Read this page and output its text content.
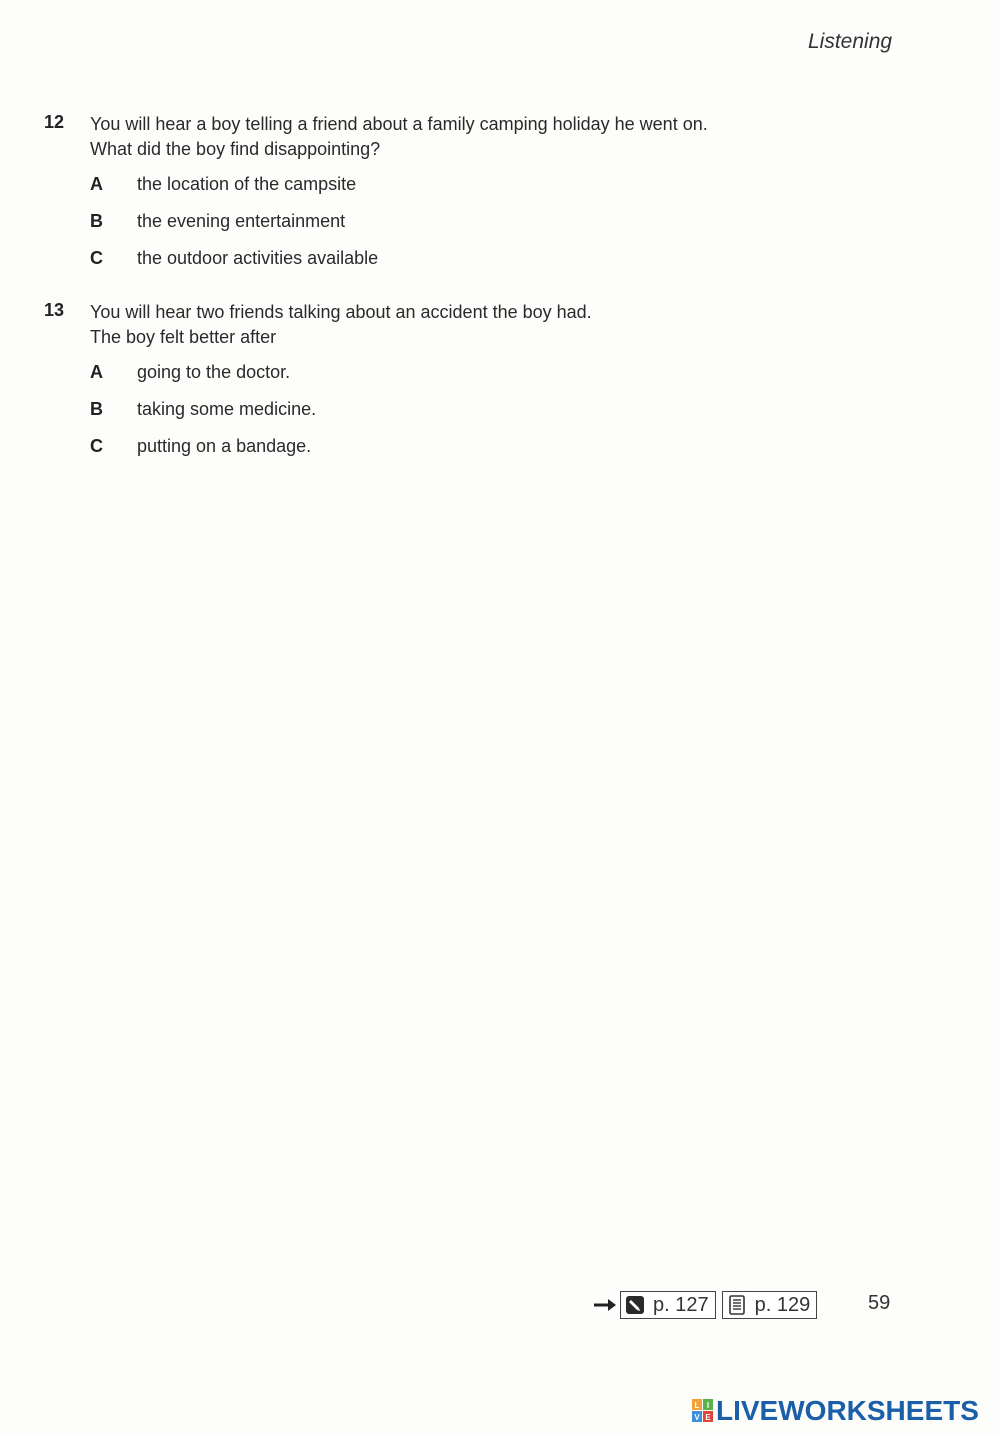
Listening
12 You will hear a boy telling a friend about a family camping holiday he went on.
What did the boy find disappointing?
A the location of the campsite
B the evening entertainment
C the outdoor activities available
13 You will hear two friends talking about an accident the boy had.
The boy felt better after
A going to the doctor.
B taking some medicine.
C putting on a bandage.
p. 127 p. 129	59
L I
V E LIVEWORKSHEETS
